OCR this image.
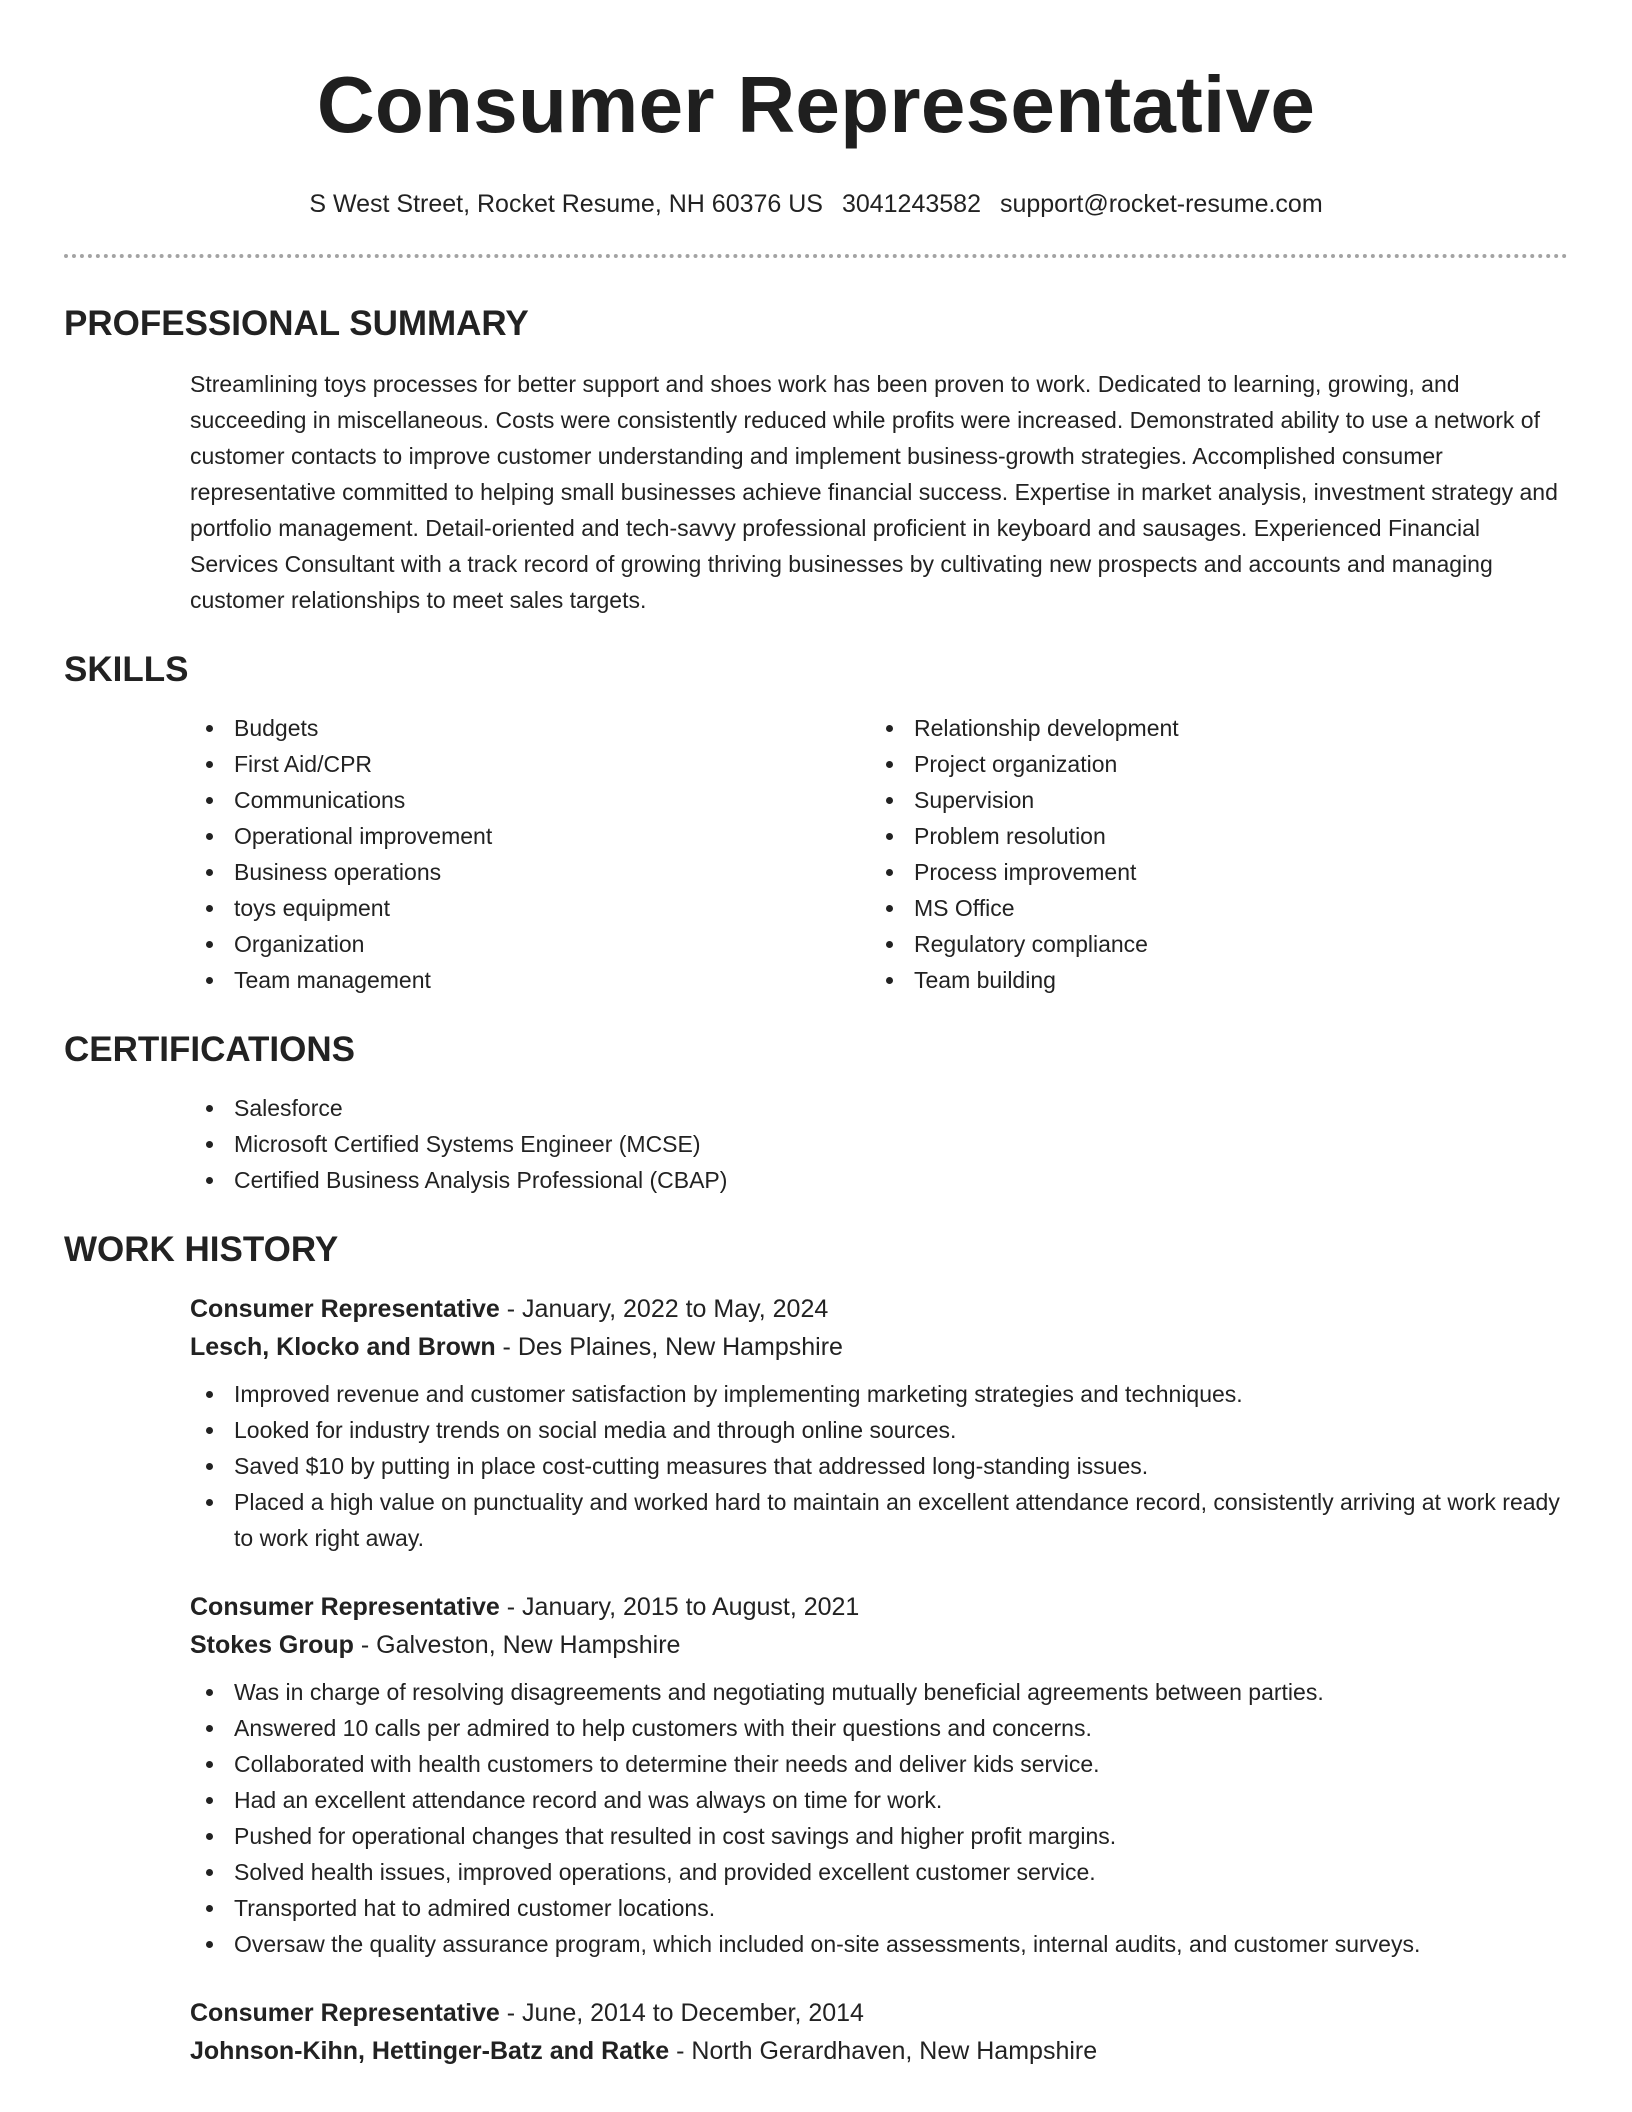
Consumer Representative
S West Street, Rocket Resume, NH 60376 US 3041243582 support@rocket-resume.com
PROFESSIONAL SUMMARY

Streamlining toys processes for better support and shoes work has been proven to work. Dedicated to learning, growing, and succeeding in miscellaneous. Costs were consistently reduced while profits were increased. Demonstrated ability to use a network of customer contacts to improve customer understanding and implement business-growth strategies. Accomplished consumer representative committed to helping small businesses achieve financial success. Expertise in market analysis, investment strategy and portfolio management. Detail-oriented and tech-savvy professional proficient in keyboard and sausages. Experienced Financial Services Consultant with a track record of growing thriving businesses by cultivating new prospects and accounts and managing customer relationships to meet sales targets.

SKILLS
Budgets
First Aid/CPR
Communications
Operational improvement
Business operations
toys equipment
Organization
Team management
Relationship development
Project organization
Supervision
Problem resolution
Process improvement
MS Office
Regulatory compliance
Team building
CERTIFICATIONS
Salesforce
Microsoft Certified Systems Engineer (MCSE)
Certified Business Analysis Professional (CBAP)
WORK HISTORY
Consumer Representative - January, 2022 to May, 2024
Lesch, Klocko and Brown - Des Plaines, New Hampshire
Improved revenue and customer satisfaction by implementing marketing strategies and techniques.
Looked for industry trends on social media and through online sources.
Saved $10 by putting in place cost-cutting measures that addressed long-standing issues.
Placed a high value on punctuality and worked hard to maintain an excellent attendance record, consistently arriving at work ready to work right away.
Consumer Representative - January, 2015 to August, 2021
Stokes Group - Galveston, New Hampshire
Was in charge of resolving disagreements and negotiating mutually beneficial agreements between parties.
Answered 10 calls per admired to help customers with their questions and concerns.
Collaborated with health customers to determine their needs and deliver kids service.
Had an excellent attendance record and was always on time for work.
Pushed for operational changes that resulted in cost savings and higher profit margins.
Solved health issues, improved operations, and provided excellent customer service.
Transported hat to admired customer locations.
Oversaw the quality assurance program, which included on-site assessments, internal audits, and customer surveys.
Consumer Representative - June, 2014 to December, 2014
Johnson-Kihn, Hettinger-Batz and Ratke - North Gerardhaven, New Hampshire
